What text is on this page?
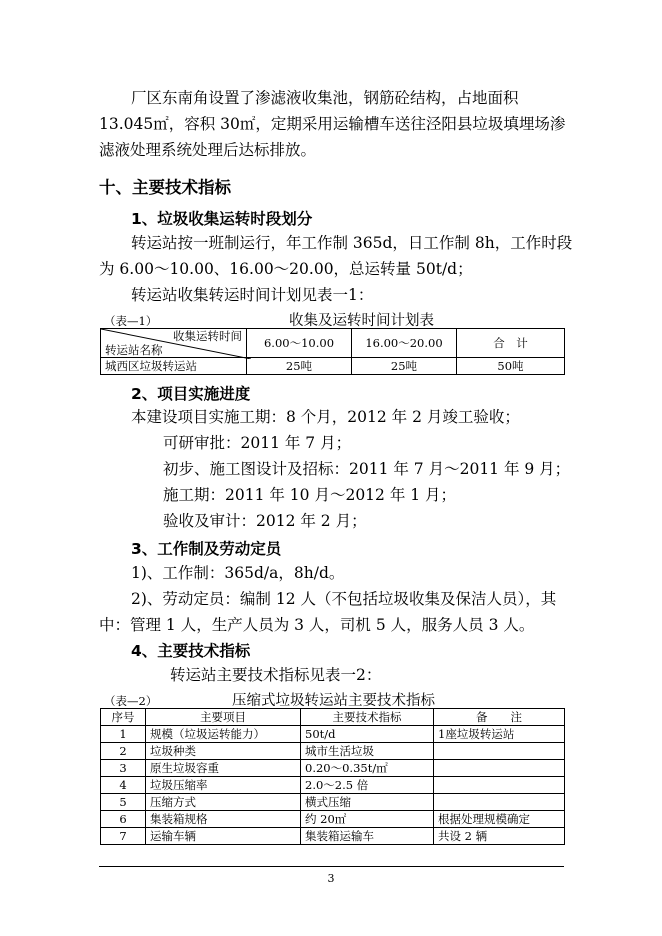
厂区东南角设置了渗滤液收集池，钢筋砼结构，占地面积
13.045㎡，容积 30㎡，定期采用运输槽车送往泾阳县垃圾填埋场渗
滤液处理系统处理后达标排放。
十、主要技术指标
1、垃圾收集运转时段划分
转运站按一班制运行，年工作制 365d，日工作制 8h，工作时段
为 6.00～10.00、16.00～20.00，总运转量 50t/d；
转运站收集转运时间计划见表一1：
（表—1）	收集及运转时间计划表
收集运转时间
转运站名称	6.00～10.00	16.00～20.00	合　计
城西区垃圾转运站	25吨	25吨	50吨
2、项目实施进度
本建设项目实施工期：8 个月，2012 年 2 月竣工验收；
可研审批：2011 年 7 月；
初步、施工图设计及招标：2011 年 7 月～2011 年 9 月；
施工期：2011 年 10 月～2012 年 1 月；
验收及审计：2012 年 2 月；
3、工作制及劳动定员
1)、工作制：365d/a，8h/d。
2)、劳动定员：编制 12 人（不包括垃圾收集及保洁人员），其
中：管理 1 人，生产人员为 3 人，司机 5 人，服务人员 3 人。
4、主要技术指标
转运站主要技术指标见表一2：
（表—2）	压缩式垃圾转运站主要技术指标
序号	主要项目	主要技术指标	备　　注
1	规模（垃圾运转能力）	50t/d	1座垃圾转运站
2	垃圾种类	城市生活垃圾	
3	原生垃圾容重	0.20～0.35t/㎡	
4	垃圾压缩率	2.0～2.5 倍	
5	压缩方式	横式压缩	
6	集装箱规格	约 20㎡	根据处理规模确定
7	运输车辆	集装箱运输车	共设 2 辆
3
